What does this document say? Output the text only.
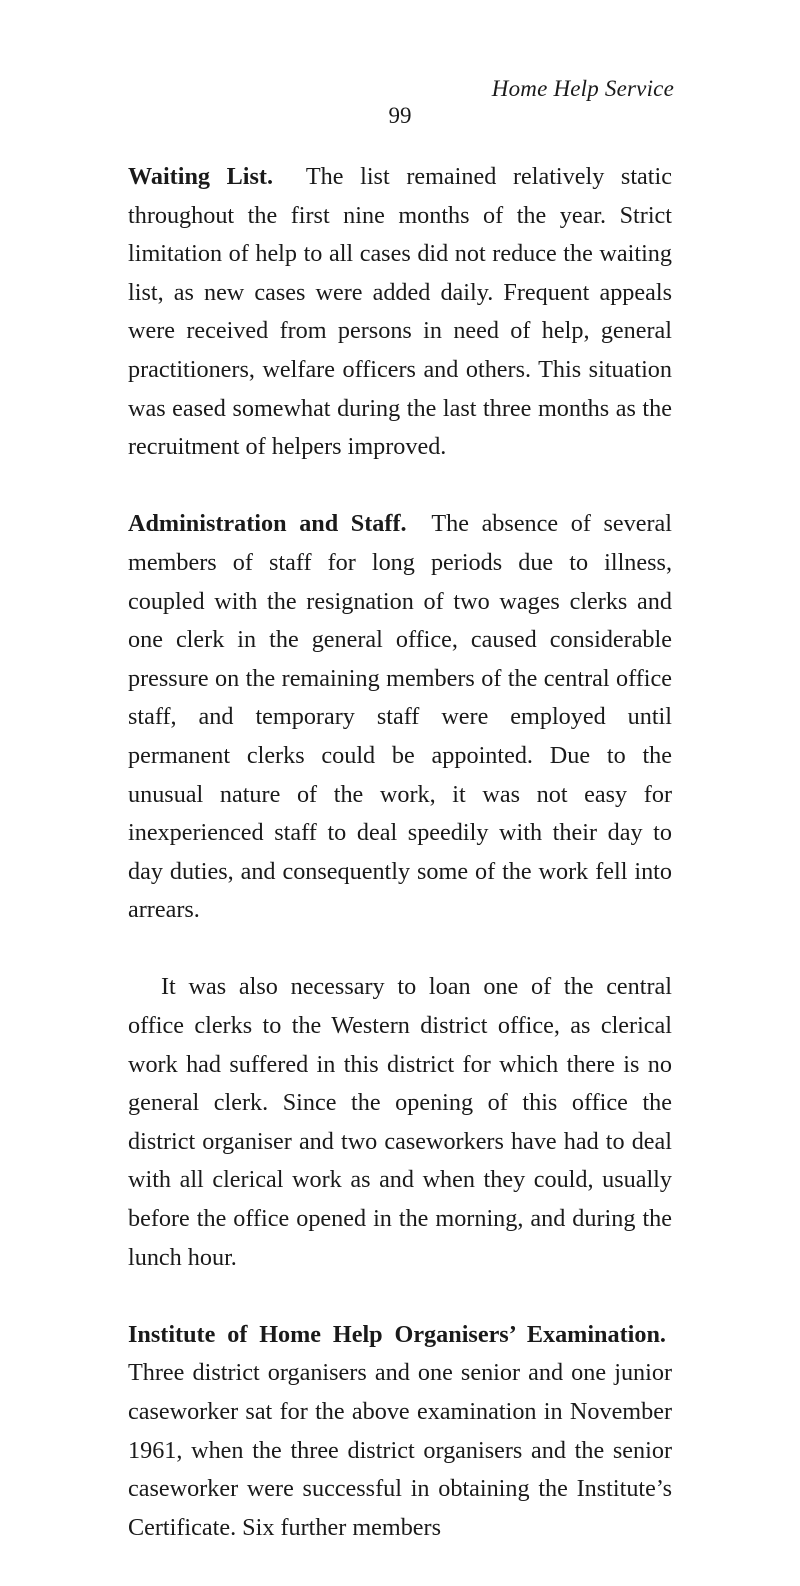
Home Help Service
99

Waiting List. The list remained relatively static throughout the first nine months of the year. Strict limitation of help to all cases did not reduce the waiting list, as new cases were added daily. Frequent appeals were received from persons in need of help, general practitioners, welfare officers and others. This situation was eased somewhat during the last three months as the recruitment of helpers improved.

Administration and Staff. The absence of several members of staff for long periods due to illness, coupled with the resignation of two wages clerks and one clerk in the general office, caused considerable pressure on the remaining members of the central office staff, and temporary staff were employed until permanent clerks could be appointed. Due to the unusual nature of the work, it was not easy for inexperienced staff to deal speedily with their day to day duties, and consequently some of the work fell into arrears.

It was also necessary to loan one of the central office clerks to the Western district office, as clerical work had suffered in this district for which there is no general clerk. Since the opening of this office the district organiser and two caseworkers have had to deal with all clerical work as and when they could, usually before the office opened in the morning, and during the lunch hour.

Institute of Home Help Organisers’ Examination.  Three district organisers and one senior and one junior caseworker sat for the above examination in November 1961, when the three district organisers and the senior caseworker were successful in obtaining the Institute’s Certificate. Six further members
